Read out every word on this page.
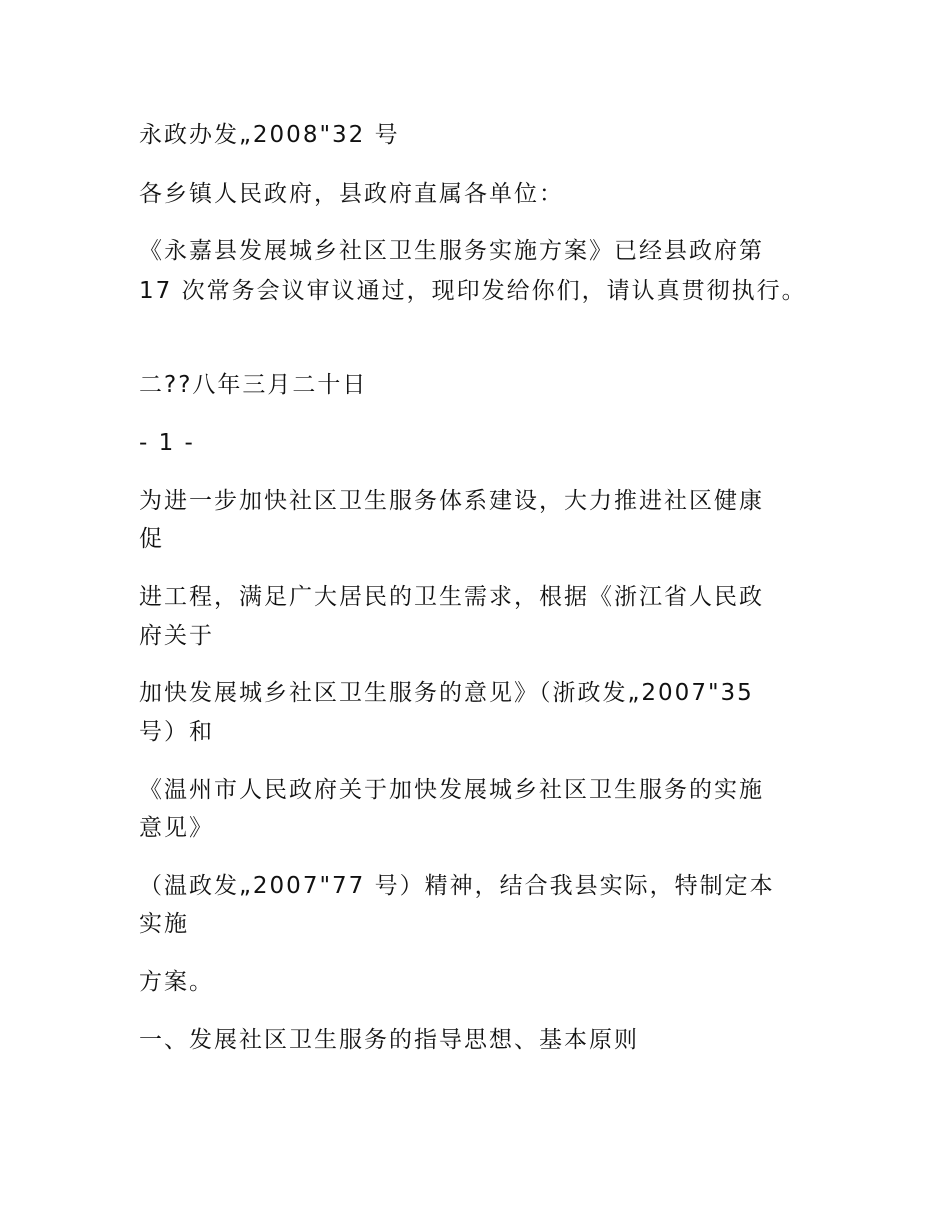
永政办发„2008"32 号

各乡镇人民政府，县政府直属各单位：

《永嘉县发展城乡社区卫生服务实施方案》已经县政府第

17 次常务会议审议通过，现印发给你们，请认真贯彻执行。

二??八年三月二十日

- 1 -

为进一步加快社区卫生服务体系建设，大力推进社区健康

促

进工程，满足广大居民的卫生需求，根据《浙江省人民政

府关于

加快发展城乡社区卫生服务的意见》（浙政发„2007"35

号）和

《温州市人民政府关于加快发展城乡社区卫生服务的实施

意见》

（温政发„2007"77 号）精神，结合我县实际，特制定本

实施

方案。

一、发展社区卫生服务的指导思想、基本原则
